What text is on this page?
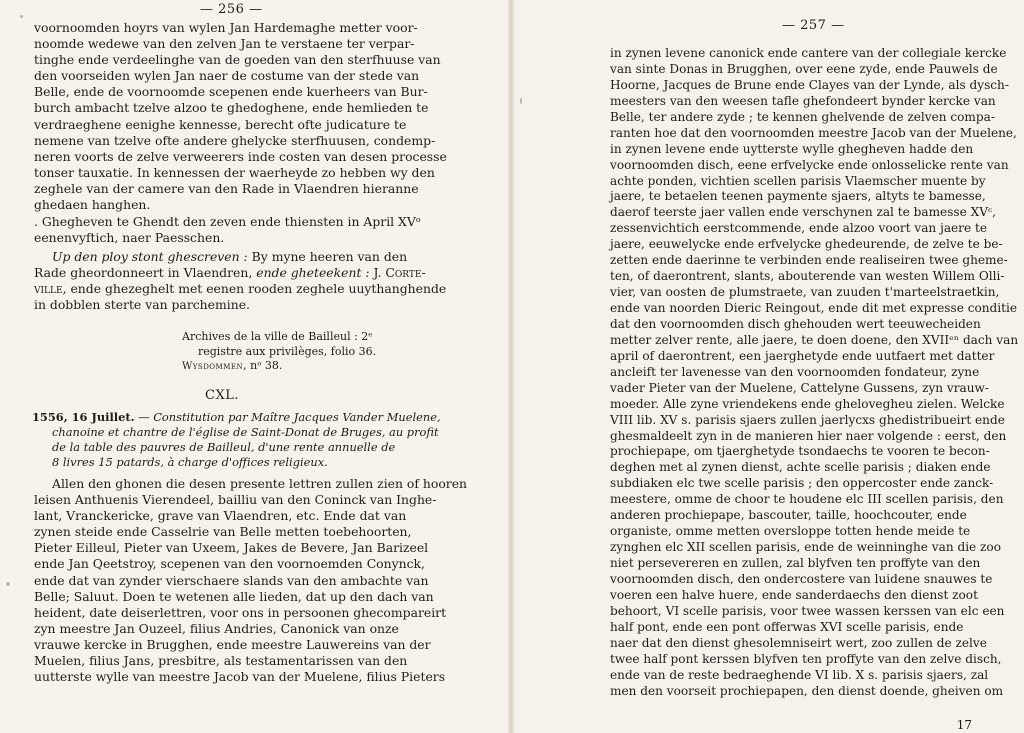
— 256 —
voornoomden hoyrs van wylen Jan Hardemaghe metter voor-
noomde wedewe van den zelven Jan te verstaene ter verpar-
tinghe ende verdeelinghe van de goeden van den sterfhuuse van
den voorseiden wylen Jan naer de costume van der stede van
Belle, ende de voornoomde scepenen ende kuerheers van Bur-
burch ambacht tzelve alzoo te ghedoghene, ende hemlieden te
verdraeghene eenighe kennesse, berecht ofte judicature te
nemene van tzelve ofte andere ghelycke sterfhuusen, condemp-
neren voorts de zelve verweerers inde costen van desen processe
tonser tauxatie. In kennessen der waerheyde zo hebben wy den
zeghele van der camere van den Rade in Vlaendren hieranne
ghedaen hanghen.
. Ghegheven te Ghendt den zeven ende thiensten in April XVᵒ
eenenvyftich, naer Paesschen.
Up den ploy stont ghescreven : By myne heeren van den
Rade gheordonneert in Vlaendren, ende gheteekent : J. Corte-
ville, ende ghezeghelt met eenen rooden zeghele uuythanghende
in dobblen sterte van parchemine.
Archives de la ville de Bailleul : 2ᵉ
registre aux privilèges, folio 36.
Wysdommen, nᵒ 38.
CXL.
1556, 16 Juillet. — Constitution par Maître Jacques Vander Muelene,
chanoine et chantre de l'église de Saint-Donat de Bruges, au profit
de la table des pauvres de Bailleul, d'une rente annuelle de
8 livres 15 patards, à charge d'offices religieux.
Allen den ghonen die desen presente lettren zullen zien of hooren
leisen Anthuenis Vierendeel, bailliu van den Coninck van Inghe-
lant, Vranckericke, grave van Vlaendren, etc. Ende dat van
zynen steide ende Casselrie van Belle metten toebehoorten,
Pieter Eilleul, Pieter van Uxeem, Jakes de Bevere, Jan Barizeel
ende Jan Qeetstroy, scepenen van den voornoemden Conynck,
ende dat van zynder vierschaere slands van den ambachte van
Belle; Saluut. Doen te wetenen alle lieden, dat up den dach van
heident, date deiserlettren, voor ons in persoonen ghecompareirt
zyn meestre Jan Ouzeel, filius Andries, Canonick van onze
vrauwe kercke in Brugghen, ende meestre Lauwereins van der
Muelen, filius Jans, presbitre, als testamentarissen van den
uutterste wylle van meestre Jacob van der Muelene, filius Pieters
— 257 —
in zynen levene canonick ende cantere van der collegiale kercke
van sinte Donas in Brugghen, over eene zyde, ende Pauwels de
Hoorne, Jacques de Brune ende Clayes van der Lynde, als dysch-
meesters van den weesen tafle ghefondeert bynder kercke van
Belle, ter andere zyde ; te kennen ghelvende de zelven compa-
ranten hoe dat den voornoomden meestre Jacob van der Muelene,
in zynen levene ende uytterste wylle ghegheven hadde den
voornoomden disch, eene erfvelycke ende onlosselicke rente van
achte ponden, vichtien scellen parisis Vlaemscher muente by
jaere, te betaelen teenen paymente sjaers, altyts te bamesse,
daerof teerste jaer vallen ende verschynen zal te bamesse XVᶜ,
zessenvichtich eerstcommende, ende alzoo voort van jaere te
jaere, eeuwelycke ende erfvelycke ghedeurende, de zelve te be-
zetten ende daerinne te verbinden ende realiseiren twee ghemе-
ten, of daerontrent, slants, abouterende van westen Willem Olli-
vier, van oosten de plumstraete, van zuuden t'marteelstraetkin,
ende van noorden Dieric Reingout, ende dit met expresse conditie
dat den voornoomden disch ghehouden wert teeuwecheiden
metter zelver rente, alle jaere, te doen doene, den XVIIᵉⁿ dach van
april of daerontrent, een jaerghetyde ende uutfaert met datter
ancleift ter lavenesse van den voornoomden fondateur, zyne
vader Pieter van der Muelene, Cattelyne Gussens, zyn vrauw-
moeder. Alle zyne vriendekens ende ghelovegheu zielen. Welcke
VIII lib. XV s. parisis sjaers zullen jaerlycxs ghedistribueirt ende
ghesmaldeelt zyn in de manieren hier naer volgende : eerst, den
prochiepape, om tjaerghetyde tsondaechs te vooren te becon-
deghen met al zynen dienst, achte scelle parisis ; diaken ende
subdiaken elc twe scelle parisis ; den oppercoster ende zanck-
meestere, omme de choor te houdene elc III scellen parisis, den
anderen prochiepape, bascouter, taille, hoochcouter, ende
organiste, omme metten oversloppe totten hende meide te
zynghen elc XII scellen parisis, ende de weinninghe van die zoo
niet persevereren en zullen, zal blyfven ten proffyte van den
voornoomden disch, den ondercostere van luidene snauwes te
voeren een halve huere, ende sanderdaechs den dienst zoot
behoort, VI scelle parisis, voor twee wassen kerssen van elc een
half pont, ende een pont offerwas XVI scelle parisis, ende
naer dat den dienst ghesolemniseirt wert, zoo zullen de zelve
twee half pont kerssen blyfven ten proffyte van den zelve disch,
ende van de reste bedraeghende VI lib. X s. parisis sjaers, zal
men den voorseit prochiepapen, den dienst doende, gheiven om
17
